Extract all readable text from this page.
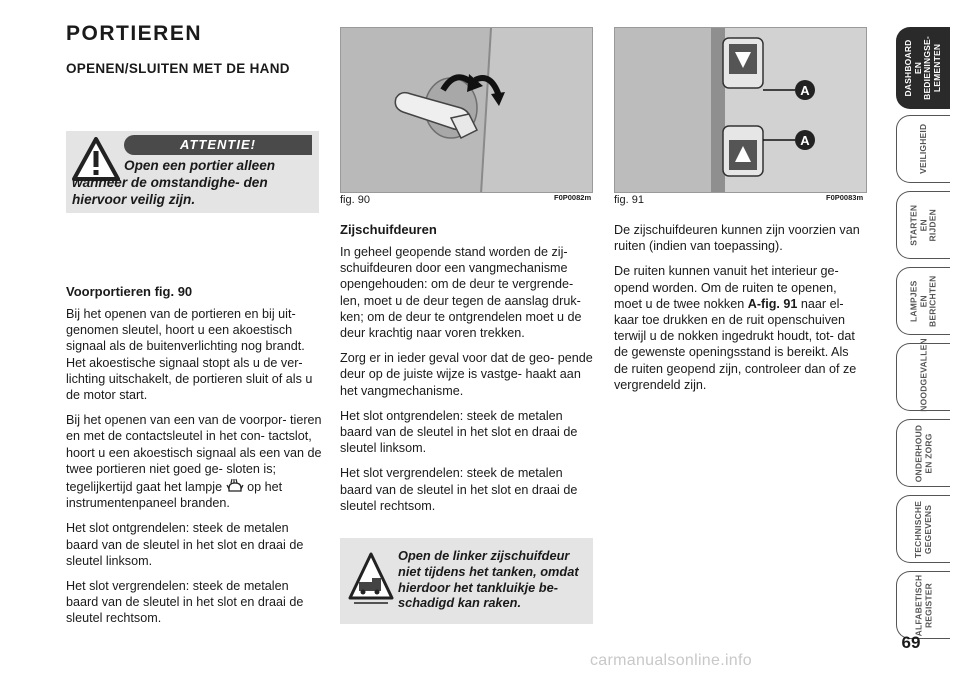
PORTIEREN
OPENEN/SLUITEN MET DE HAND
ATTENTIE!
Open een portier alleen wanneer de omstandighe- den hiervoor veilig zijn.
Voorportieren fig. 90

Bij het openen van de portieren en bij uit- genomen sleutel, hoort u een akoestisch signaal als de buitenverlichting nog brandt. Het akoestische signaal stopt als u de ver- lichting uitschakelt, de portieren sluit of als u de motor start.

Bij het openen van een van de voorpor- tieren en met de contactsleutel in het con- tactslot, hoort u een akoestisch signaal als een van de twee portieren niet goed ge- sloten is; tegelijkertijd gaat het lampje op het instrumentenpaneel branden.

Het slot ontgrendelen: steek de metalen baard van de sleutel in het slot en draai de sleutel linksom.

Het slot vergrendelen: steek de metalen baard van de sleutel in het slot en draai de sleutel rechtsom.

fig. 90	F0P0082m
A
A
fig. 91	F0P0083m
Zijschuifdeuren

In geheel geopende stand worden de zij- schuifdeuren door een vangmechanisme opengehouden: om de deur te vergrende- len, moet u de deur tegen de aanslag druk- ken; om de deur te ontgrendelen moet u de deur krachtig naar voren trekken.

Zorg er in ieder geval voor dat de geo- pende deur op de juiste wijze is vastge- haakt aan het vangmechanisme.

Het slot ontgrendelen: steek de metalen baard van de sleutel in het slot en draai de sleutel linksom.

Het slot vergrendelen: steek de metalen baard van de sleutel in het slot en draai de sleutel rechtsom.

Open de linker zijschuifdeur niet tijdens het tanken, omdat hierdoor het tankluikje be- schadigd kan raken.

De zijschuifdeuren kunnen zijn voorzien van ruiten (indien van toepassing).

De ruiten kunnen vanuit het interieur ge- opend worden. Om de ruiten te openen, moet u de twee nokken A-fig. 91 naar el- kaar toe drukken en de ruit openschuiven terwijl u de nokken ingedrukt houdt, tot- dat de gewenste openingsstand is bereikt. Als de ruiten geopend zijn, controleer dan of ze vergrendeld zijn.

DASHBOARD EN
BEDIENINGSE-
LEMENTEN
VEILIGHEID
STARTEN EN
RIJDEN
LAMPJES EN
BERICHTEN
NOODGEVALLEN
ONDERHOUD
EN ZORG
TECHNISCHE
GEGEVENS
ALFABETISCH
REGISTER
69
carmanualsonline.info
